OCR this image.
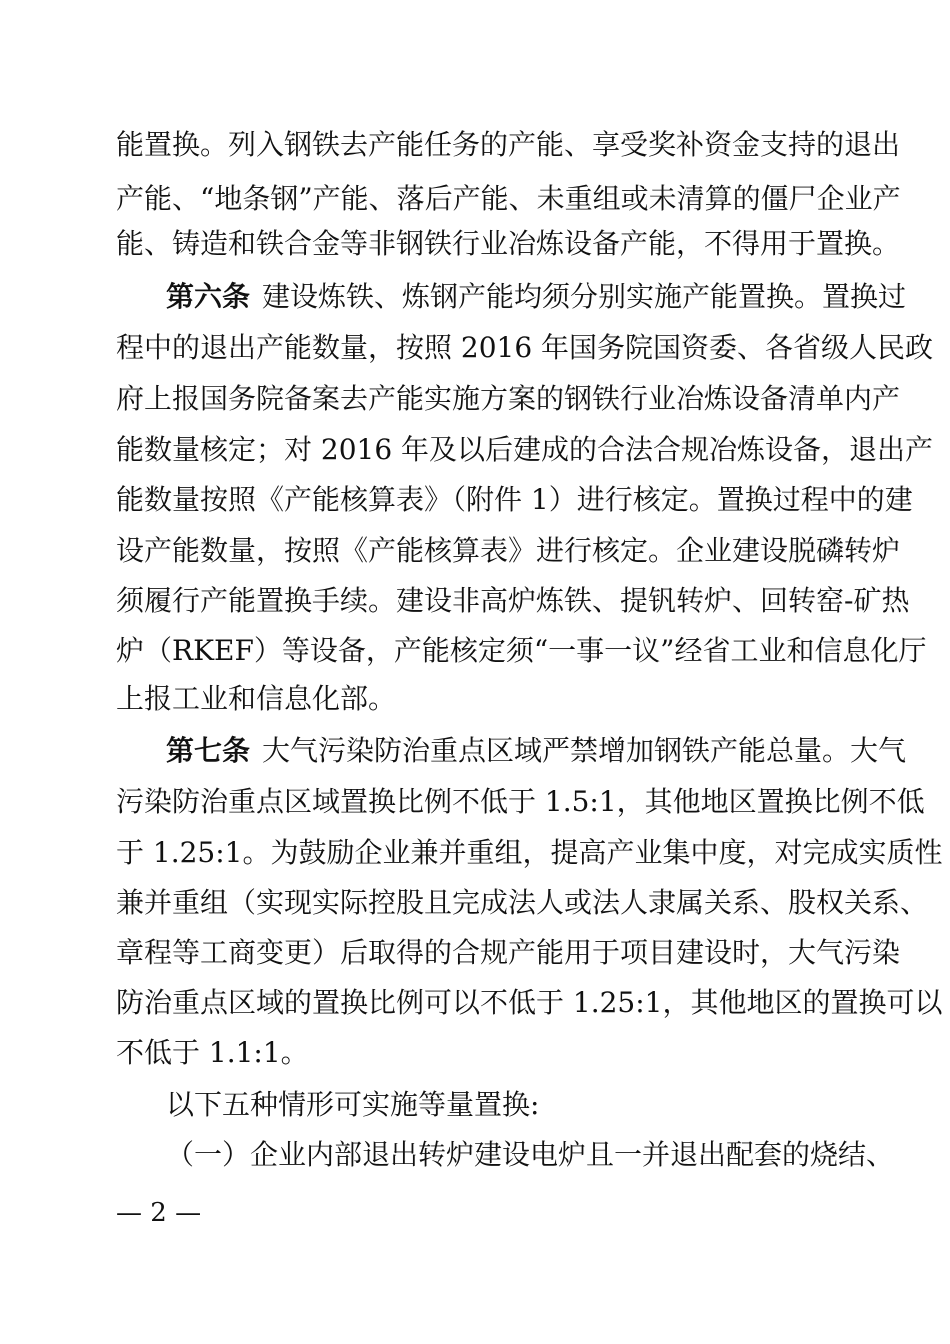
能置换。列入钢铁去产能任务的产能、享受奖补资金支持的退出
产能、“地条钢”产能、落后产能、未重组或未清算的僵尸企业产
能、铸造和铁合金等非钢铁行业冶炼设备产能，不得用于置换。
第六条 建设炼铁、炼钢产能均须分别实施产能置换。置换过
程中的退出产能数量，按照 2016 年国务院国资委、各省级人民政
府上报国务院备案去产能实施方案的钢铁行业冶炼设备清单内产
能数量核定；对 2016 年及以后建成的合法合规冶炼设备，退出产
能数量按照《产能核算表》（附件 1）进行核定。置换过程中的建
设产能数量，按照《产能核算表》进行核定。企业建设脱磷转炉
须履行产能置换手续。建设非高炉炼铁、提钒转炉、回转窑-矿热
炉（RKEF）等设备，产能核定须“一事一议”经省工业和信息化厅
上报工业和信息化部。
第七条 大气污染防治重点区域严禁增加钢铁产能总量。大气
污染防治重点区域置换比例不低于 1.5:1，其他地区置换比例不低
于 1.25:1。为鼓励企业兼并重组，提高产业集中度，对完成实质性
兼并重组（实现实际控股且完成法人或法人隶属关系、股权关系、
章程等工商变更）后取得的合规产能用于项目建设时，大气污染
防治重点区域的置换比例可以不低于 1.25:1，其他地区的置换可以
不低于 1.1:1。
以下五种情形可实施等量置换:
（一）企业内部退出转炉建设电炉且一并退出配套的烧结、
— 2 —
